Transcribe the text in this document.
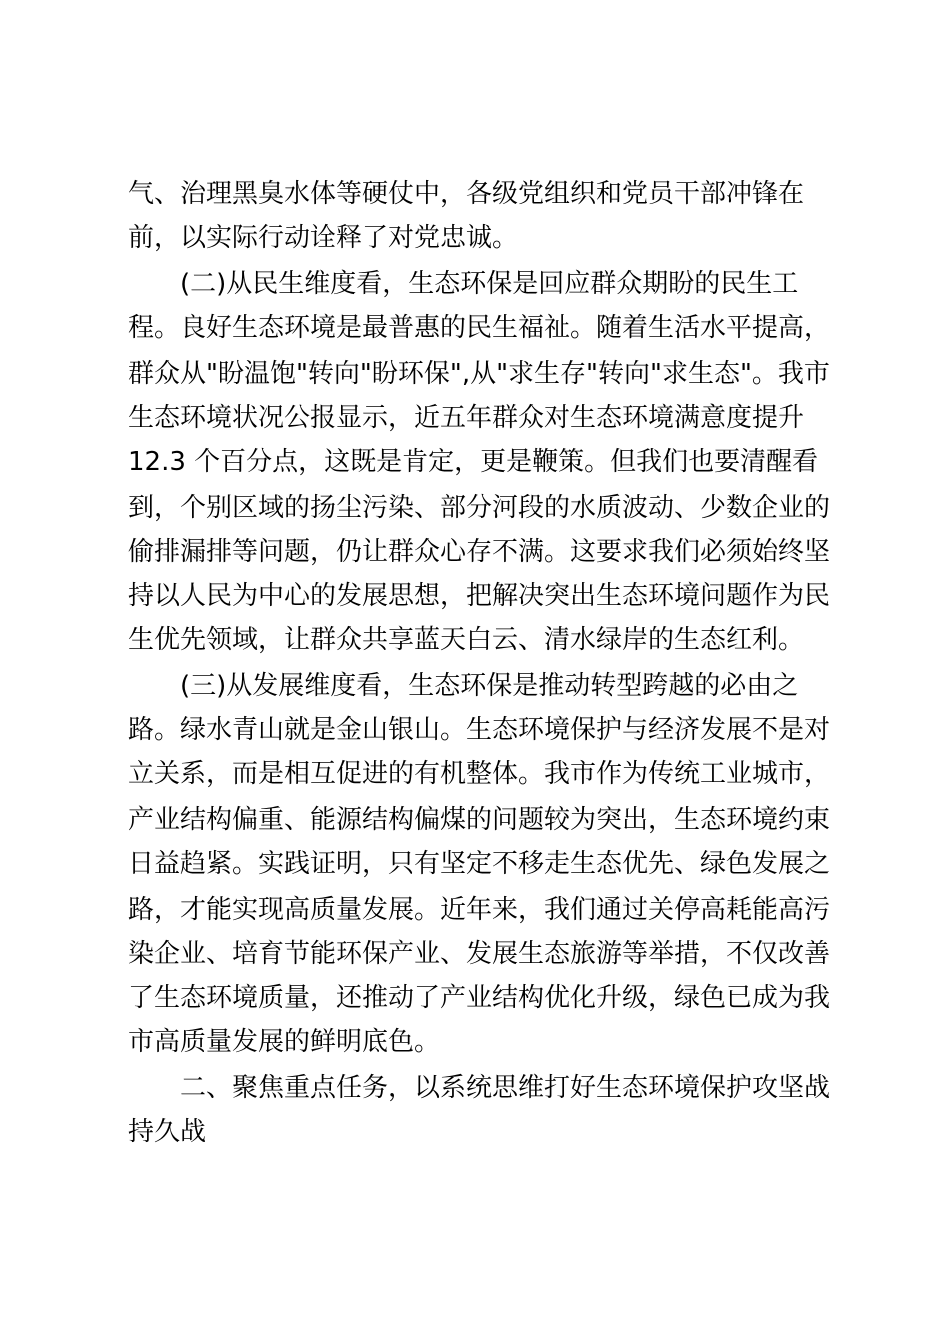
气、治理黑臭水体等硬仗中，各级党组织和党员干部冲锋在
前，以实际行动诠释了对党忠诚。
(二)从民生维度看，生态环保是回应群众期盼的民生工
程。良好生态环境是最普惠的民生福祉。随着生活水平提高，
群众从"盼温饱"转向"盼环保",从"求生存"转向"求生态"。我市
生态环境状况公报显示，近五年群众对生态环境满意度提升
12.3 个百分点，这既是肯定，更是鞭策。但我们也要清醒看
到，个别区域的扬尘污染、部分河段的水质波动、少数企业的
偷排漏排等问题，仍让群众心存不满。这要求我们必须始终坚
持以人民为中心的发展思想，把解决突出生态环境问题作为民
生优先领域，让群众共享蓝天白云、清水绿岸的生态红利。
(三)从发展维度看，生态环保是推动转型跨越的必由之
路。绿水青山就是金山银山。生态环境保护与经济发展不是对
立关系，而是相互促进的有机整体。我市作为传统工业城市，
产业结构偏重、能源结构偏煤的问题较为突出，生态环境约束
日益趋紧。实践证明，只有坚定不移走生态优先、绿色发展之
路，才能实现高质量发展。近年来，我们通过关停高耗能高污
染企业、培育节能环保产业、发展生态旅游等举措，不仅改善
了生态环境质量，还推动了产业结构优化升级，绿色已成为我
市高质量发展的鲜明底色。
二、聚焦重点任务，以系统思维打好生态环境保护攻坚战
持久战
